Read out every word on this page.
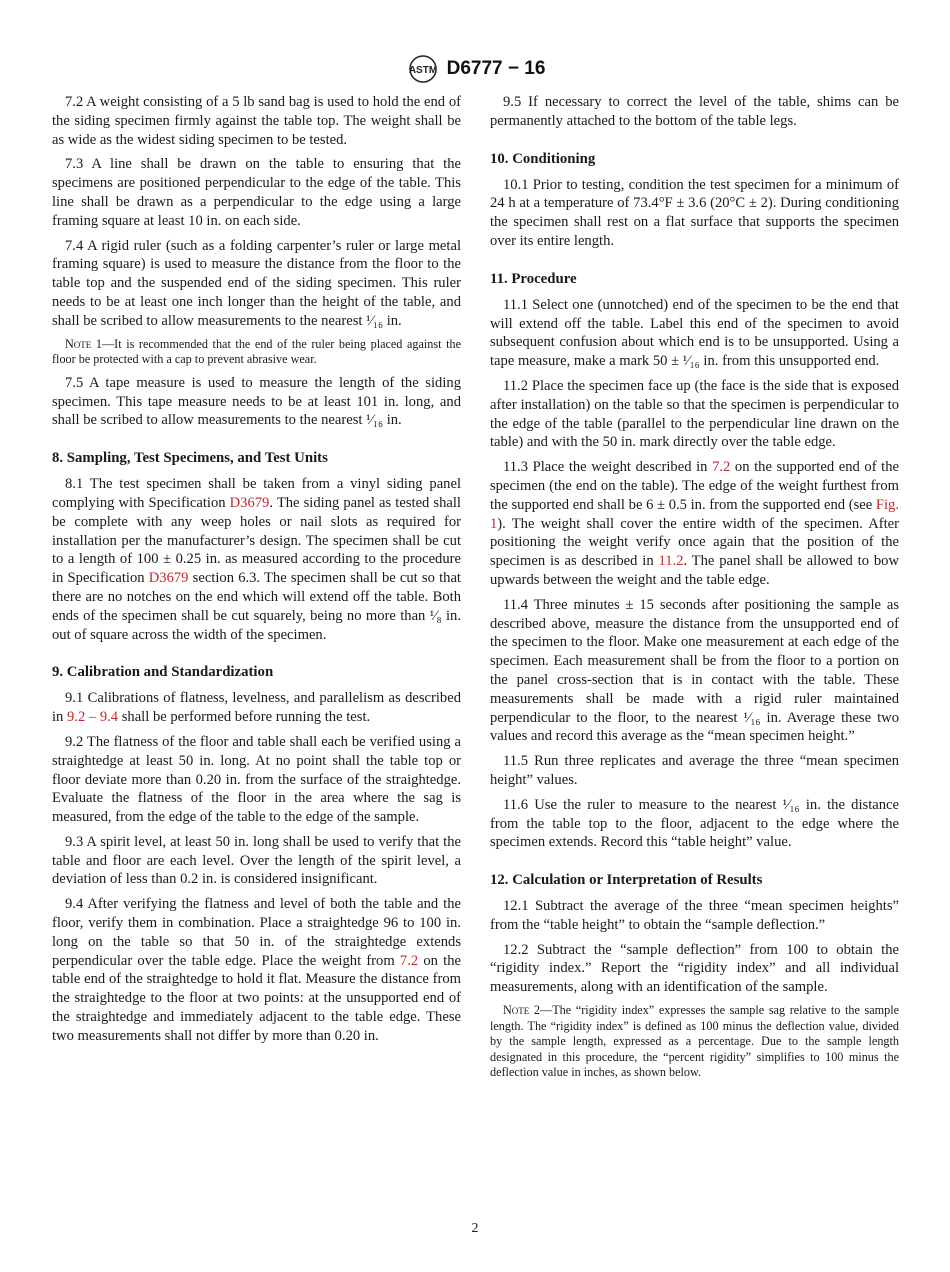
ASTM D6777 − 16

7.2 A weight consisting of a 5 lb sand bag is used to hold the end of the siding specimen firmly against the table top. The weight shall be as wide as the widest siding specimen to be tested.

7.3 A line shall be drawn on the table to ensuring that the specimens are positioned perpendicular to the edge of the table. This line shall be drawn as a perpendicular to the edge using a large framing square at least 10 in. on each side.

7.4 A rigid ruler (such as a folding carpenter’s ruler or large metal framing square) is used to measure the distance from the floor to the table top and the suspended end of the siding specimen. This ruler needs to be at least one inch longer than the height of the table, and shall be scribed to allow measurements to the nearest ¹⁄₁₆ in.

Note 1—It is recommended that the end of the ruler being placed against the floor be protected with a cap to prevent abrasive wear.

7.5 A tape measure is used to measure the length of the siding specimen. This tape measure needs to be at least 101 in. long, and shall be scribed to allow measurements to the nearest ¹⁄₁₆ in.

8. Sampling, Test Specimens, and Test Units

8.1 The test specimen shall be taken from a vinyl siding panel complying with Specification D3679. The siding panel as tested shall be complete with any weep holes or nail slots as required for installation per the manufacturer’s design. The specimen shall be cut to a length of 100 ± 0.25 in. as measured according to the procedure in Specification D3679 section 6.3. The specimen shall be cut so that there are no notches on the end which will extend off the table. Both ends of the specimen shall be cut squarely, being no more than ¹⁄₈ in. out of square across the width of the specimen.

9. Calibration and Standardization

9.1 Calibrations of flatness, levelness, and parallelism as described in 9.2 – 9.4 shall be performed before running the test.

9.2 The flatness of the floor and table shall each be verified using a straightedge at least 50 in. long. At no point shall the table top or floor deviate more than 0.20 in. from the surface of the straightedge. Evaluate the flatness of the floor in the area where the sag is measured, from the edge of the table to the edge of the sample.

9.3 A spirit level, at least 50 in. long shall be used to verify that the table and floor are each level. Over the length of the spirit level, a deviation of less than 0.2 in. is considered insignificant.

9.4 After verifying the flatness and level of both the table and the floor, verify them in combination. Place a straightedge 96 to 100 in. long on the table so that 50 in. of the straightedge extends perpendicular over the table edge. Place the weight from 7.2 on the table end of the straightedge to hold it flat. Measure the distance from the straightedge to the floor at two points: at the unsupported end of the straightedge and immediately adjacent to the table edge. These two measurements shall not differ by more than 0.20 in.

9.5 If necessary to correct the level of the table, shims can be permanently attached to the bottom of the table legs.

10. Conditioning

10.1 Prior to testing, condition the test specimen for a minimum of 24 h at a temperature of 73.4°F ± 3.6 (20°C ± 2). During conditioning the specimen shall rest on a flat surface that supports the specimen over its entire length.

11. Procedure

11.1 Select one (unnotched) end of the specimen to be the end that will extend off the table. Label this end of the specimen to avoid subsequent confusion about which end is to be unsupported. Using a tape measure, make a mark 50 ± ¹⁄₁₆ in. from this unsupported end.

11.2 Place the specimen face up (the face is the side that is exposed after installation) on the table so that the specimen is perpendicular to the edge of the table (parallel to the perpendicular line drawn on the table) and with the 50 in. mark directly over the table edge.

11.3 Place the weight described in 7.2 on the supported end of the specimen (the end on the table). The edge of the weight furthest from the supported end shall be 6 ± 0.5 in. from the supported end (see Fig. 1). The weight shall cover the entire width of the specimen. After positioning the weight verify once again that the position of the specimen is as described in 11.2. The panel shall be allowed to bow upwards between the weight and the table edge.

11.4 Three minutes ± 15 seconds after positioning the sample as described above, measure the distance from the unsupported end of the specimen to the floor. Make one measurement at each edge of the specimen. Each measurement shall be from the floor to a portion on the panel cross-section that is in contact with the table. These measurements shall be made with a rigid ruler maintained perpendicular to the floor, to the nearest ¹⁄₁₆ in. Average these two values and record this average as the “mean specimen height.”

11.5 Run three replicates and average the three “mean specimen height” values.

11.6 Use the ruler to measure to the nearest ¹⁄₁₆ in. the distance from the table top to the floor, adjacent to the edge where the specimen extends. Record this “table height” value.

12. Calculation or Interpretation of Results

12.1 Subtract the average of the three “mean specimen heights” from the “table height” to obtain the “sample deflection.”

12.2 Subtract the “sample deflection” from 100 to obtain the “rigidity index.” Report the “rigidity index” and all individual measurements, along with an identification of the sample.

Note 2—The “rigidity index” expresses the sample sag relative to the sample length. The “rigidity index” is defined as 100 minus the deflection value, divided by the sample length, expressed as a percentage. Due to the sample length designated in this procedure, the “percent rigidity” simplifies to 100 minus the deflection value in inches, as shown below.

2
